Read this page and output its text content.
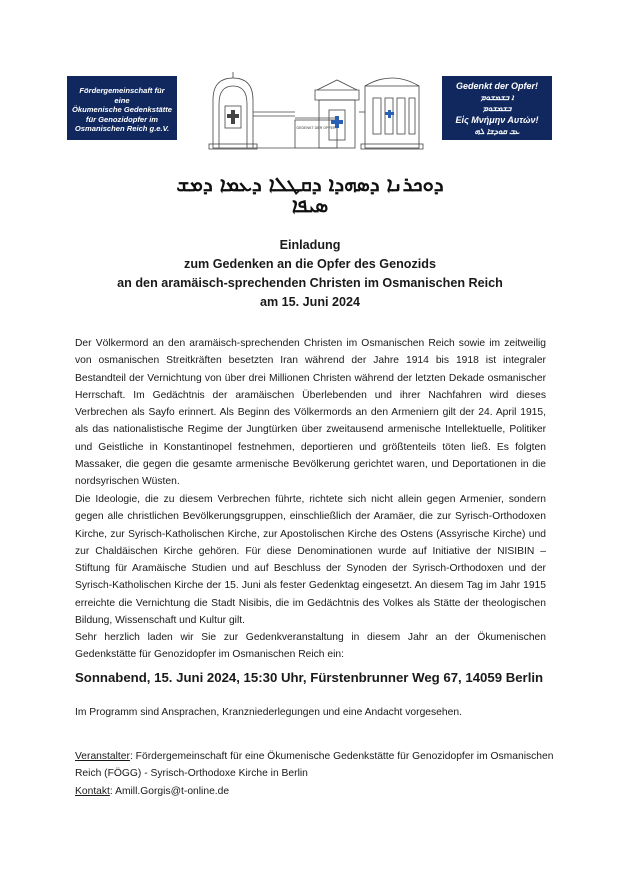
Fördergemeinschaft für eine
Ökumenische Gedenkstätte
für Genozidopfer im
Osmanischen Reich g.e.V.	GEDENKT DER OPFER
Gedenkt der Opfer!
ܐ ܒܫܡܫܘܡ
ܒܫܡܫܘܡ
Εἰς Μνήμην Αυτών!
ܥܒ ܩܘܕܫܐ ܠܗ
ܕܘܟܪܢܐ ܕܣܗܕܐ ܕܩܛܠܐ ܕܥܡܐ ܕܡܫ
ܣܝܦܐ
Einladung
zum Gedenken an die Opfer des Genozids
an den aramäisch-sprechenden Christen im Osmanischen Reich
am 15. Juni 2024

Der Völkermord an den aramäisch-sprechenden Christen im Osmanischen Reich sowie im zeitweilig von osmanischen Streitkräften besetzten Iran während der Jahre 1914 bis 1918 ist integraler Bestandteil der Vernichtung von über drei Millionen Christen während der letzten Dekade osmanischer Herrschaft. Im Gedächtnis der aramäischen Überlebenden und ihrer Nachfahren wird dieses Verbrechen als Sayfo erinnert. Als Beginn des Völkermords an den Armeniern gilt der 24. April 1915, als das nationalistische Regime der Jungtürken über zweitausend armenische Intellektuelle, Politiker und Geistliche in Konstantinopel festnehmen, deportieren und größtenteils töten ließ. Es folgten Massaker, die gegen die gesamte armenische Bevölkerung gerichtet waren, und Deportationen in die nordsyrischen Wüsten.

Die Ideologie, die zu diesem Verbrechen führte, richtete sich nicht allein gegen Armenier, sondern gegen alle christlichen Bevölkerungsgruppen, einschließlich der Aramäer, die zur Syrisch-Orthodoxen Kirche, zur Syrisch-Katholischen Kirche, zur Apostolischen Kirche des Ostens (Assyrische Kirche) und zur Chaldäischen Kirche gehören. Für diese Denominationen wurde auf Initiative der NISIBIN – Stiftung für Aramäische Studien und auf Beschluss der Synoden der Syrisch-Orthodoxen und der Syrisch-Katholischen Kirche der 15. Juni als fester Gedenktag eingesetzt. An diesem Tag im Jahr 1915 erreichte die Vernichtung die Stadt Nisibis, die im Gedächtnis des Volkes als Stätte der theologischen Bildung, Wissenschaft und Kultur gilt.

Sehr herzlich laden wir Sie zur Gedenkveranstaltung in diesem Jahr an der Ökumenischen Gedenkstätte für Genozidopfer im Osmanischen Reich ein:

Sonnabend, 15. Juni 2024, 15:30 Uhr, Fürstenbrunner Weg 67, 14059 Berlin

Im Programm sind Ansprachen, Kranzniederlegungen und eine Andacht vorgesehen.

Veranstalter: Fördergemeinschaft für eine Ökumenische Gedenkstätte für Genozidopfer im Osmanischen Reich (FÖGG) - Syrisch-Orthodoxe Kirche in Berlin
Kontakt: Amill.Gorgis@t-online.de
